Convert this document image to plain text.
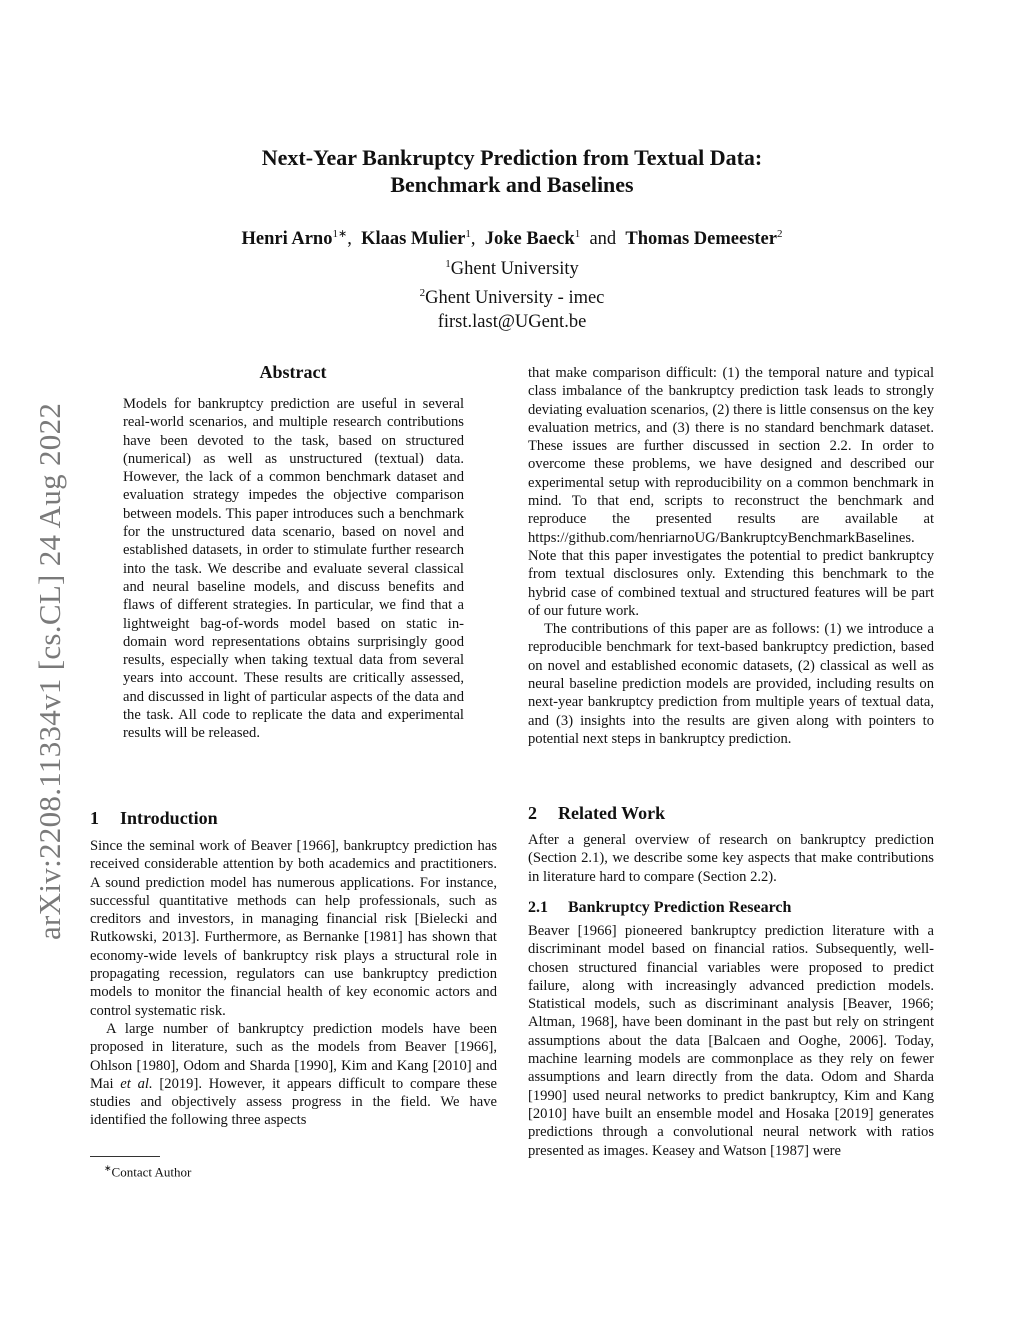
arXiv:2208.11334v1 [cs.CL] 24 Aug 2022
Next-Year Bankruptcy Prediction from Textual Data:
Benchmark and Baselines
Henri Arno$^{1∗}$,  Klaas Mulier$^1$,  Joke Baeck$^1$ and Thomas Demeester$^2$
$^1$Ghent University
$^2$Ghent University - imec
first.last@UGent.be
Abstract

Models for bankruptcy prediction are useful in several real-world scenarios, and multiple research contributions have been devoted to the task, based on structured (numerical) as well as unstructured (textual) data. However, the lack of a common benchmark dataset and evaluation strategy impedes the objective comparison between models. This paper introduces such a benchmark for the unstructured data scenario, based on novel and established datasets, in order to stimulate further research into the task. We describe and evaluate several classical and neural baseline models, and discuss benefits and flaws of different strategies. In particular, we find that a lightweight bag-of-words model based on static in-domain word representations obtains surprisingly good results, especially when taking textual data from several years into account. These results are critically assessed, and discussed in light of particular aspects of the data and the task. All code to replicate the data and experimental results will be released.

1 Introduction

Since the seminal work of Beaver [1966], bankruptcy prediction has received considerable attention by both academics and practitioners. A sound prediction model has numerous applications. For instance, successful quantitative methods can help professionals, such as creditors and investors, in managing financial risk [Bielecki and Rutkowski, 2013]. Furthermore, as Bernanke [1981] has shown that economy-wide levels of bankruptcy risk plays a structural role in propagating recession, regulators can use bankruptcy prediction models to monitor the financial health of key economic actors and control systematic risk.

A large number of bankruptcy prediction models have been proposed in literature, such as the models from Beaver [1966], Ohlson [1980], Odom and Sharda [1990], Kim and Kang [2010] and Mai et al. [2019]. However, it appears difficult to compare these studies and objectively assess progress in the field. We have identified the following three aspects

that make comparison difficult: (1) the temporal nature and typical class imbalance of the bankruptcy prediction task leads to strongly deviating evaluation scenarios, (2) there is little consensus on the key evaluation metrics, and (3) there is no standard benchmark dataset. These issues are further discussed in section 2.2. In order to overcome these problems, we have designed and described our experimental setup with reproducibility on a common benchmark in mind. To that end, scripts to reconstruct the benchmark and reproduce the presented results are available at https://github.com/henriarnoUG/BankruptcyBenchmarkBaselines. Note that this paper investigates the potential to predict bankruptcy from textual disclosures only. Extending this benchmark to the hybrid case of combined textual and structured features will be part of our future work.

The contributions of this paper are as follows: (1) we introduce a reproducible benchmark for text-based bankruptcy prediction, based on novel and established economic datasets, (2) classical as well as neural baseline prediction models are provided, including results on next-year bankruptcy prediction from multiple years of textual data, and (3) insights into the results are given along with pointers to potential next steps in bankruptcy prediction.

2 Related Work

After a general overview of research on bankruptcy prediction (Section 2.1), we describe some key aspects that make contributions in literature hard to compare (Section 2.2).

2.1 Bankruptcy Prediction Research

Beaver [1966] pioneered bankruptcy prediction literature with a discriminant model based on financial ratios. Subsequently, well-chosen structured financial variables were proposed to predict failure, along with increasingly advanced prediction models. Statistical models, such as discriminant analysis [Beaver, 1966; Altman, 1968], have been dominant in the past but rely on stringent assumptions about the data [Balcaen and Ooghe, 2006]. Today, machine learning models are commonplace as they rely on fewer assumptions and learn directly from the data. Odom and Sharda [1990] used neural networks to predict bankruptcy, Kim and Kang [2010] have built an ensemble model and Hosaka [2019] generates predictions through a convolutional neural network with ratios presented as images. Keasey and Watson [1987] were

∗Contact Author
